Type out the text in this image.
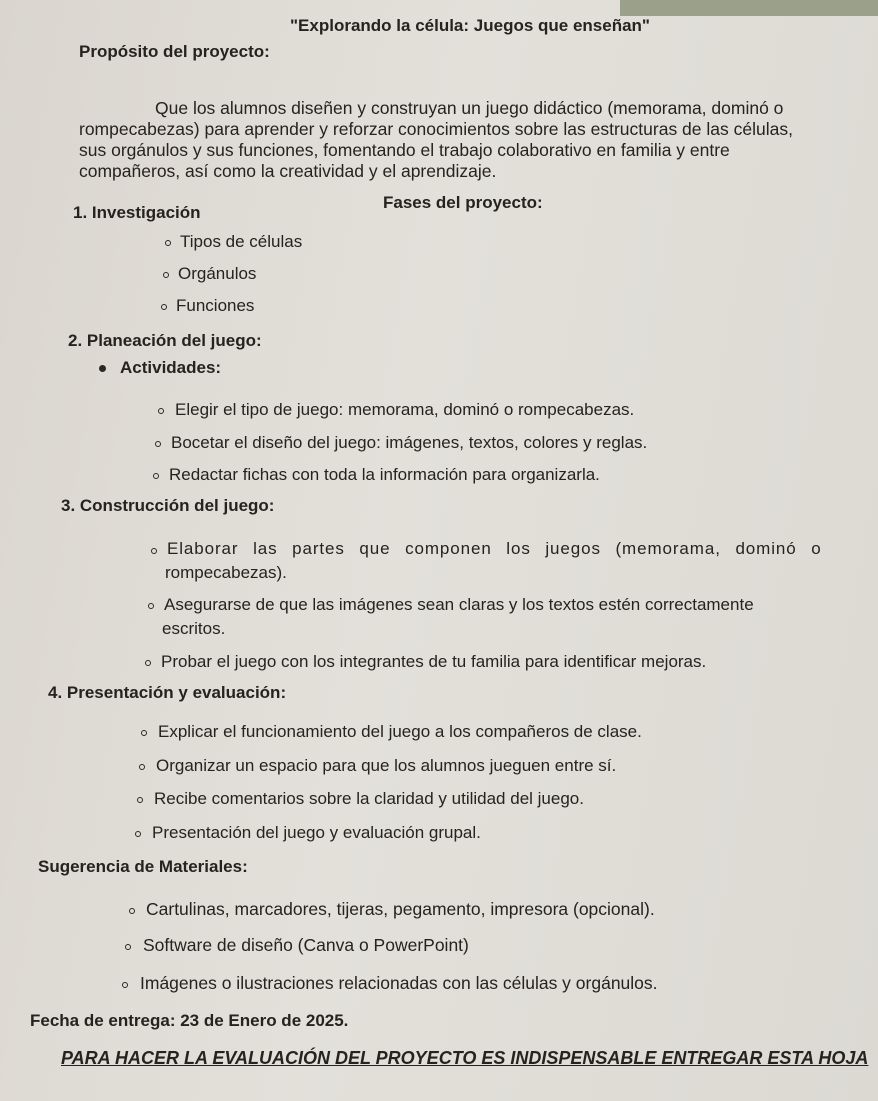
"Explorando la célula: Juegos que enseñan"
Propósito del proyecto:
Que los alumnos diseñen y construyan un juego didáctico (memorama, dominó o
rompecabezas) para aprender y reforzar conocimientos sobre las estructuras de las células,
sus orgánulos y sus funciones, fomentando el trabajo colaborativo en familia y entre
compañeros, así como la creatividad y el aprendizaje.
Fases del proyecto:
1. Investigación
Tipos de células
Orgánulos
Funciones
2. Planeación del juego:
Actividades:
Elegir el tipo de juego: memorama, dominó o rompecabezas.
Bocetar el diseño del juego: imágenes, textos, colores y reglas.
Redactar fichas con toda la información para organizarla.
3. Construcción del juego:
Elaborar las partes que componen los juegos (memorama, dominó o
rompecabezas).
Asegurarse de que las imágenes sean claras y los textos estén correctamente
escritos.
Probar el juego con los integrantes de tu familia para identificar mejoras.
4. Presentación y evaluación:
Explicar el funcionamiento del juego a los compañeros de clase.
Organizar un espacio para que los alumnos jueguen entre sí.
Recibe comentarios sobre la claridad y utilidad del juego.
Presentación del juego y evaluación grupal.
Sugerencia de Materiales:
Cartulinas, marcadores, tijeras, pegamento, impresora (opcional).
Software de diseño (Canva o PowerPoint)
Imágenes o ilustraciones relacionadas con las células y orgánulos.
Fecha de entrega: 23 de Enero de 2025.
PARA HACER LA EVALUACIÓN DEL PROYECTO ES INDISPENSABLE ENTREGAR ESTA HOJA
